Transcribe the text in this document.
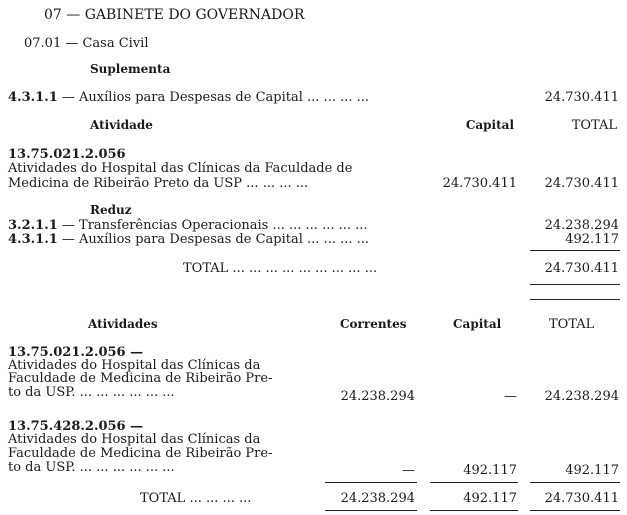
07 — GABINETE DO GOVERNADOR
07.01 — Casa Civil
Suplementa
4.3.1.1 — Auxílios para Despesas de Capital ... ... ... ...	24.730.411
Atividade	Capital	TOTAL
13.75.021.2.056
Atividades do Hospital das Clínicas da Faculdade de
Medicina de Ribeirão Preto da USP ... ... ... ...	24.730.411 24.730.411
Reduz
3.2.1.1 — Transferências Operacionais ... ... ... ... ... ...	24.238.294
4.3.1.1 — Auxílios para Despesas de Capital ... ... ... ...	492.117
TOTAL ... ... ... ... ... ... ... ... ...	24.730.411
Atividades	Correntes	Capital	TOTAL
13.75.021.2.056 —
Atividades do Hospital das Clínicas da
Faculdade de Medicina de Ribeirão Pre-
to da USP. ... ... ... ... ... ...	24.238.294	— 24.238.294
13.75.428.2.056 —
Atividades do Hospital das Clínicas da
Faculdade de Medicina de Ribeirão Pre-
to da USP. ... ... ... ... ... ...	—	492.117	492.117
TOTAL ... ... ... ...	24.238.294	492.117 24.730.411
